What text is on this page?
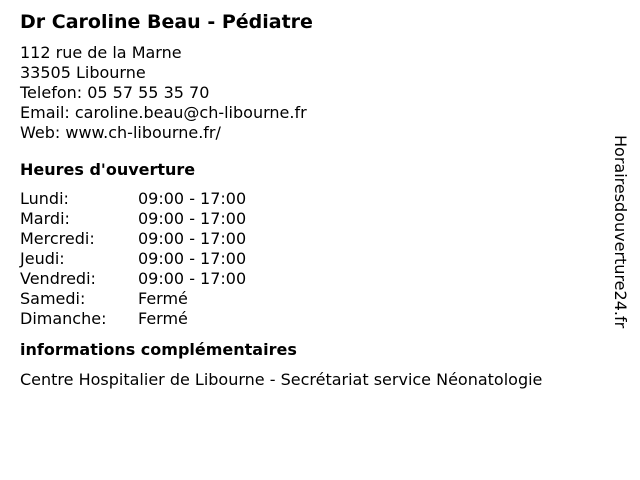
Dr Caroline Beau - Pédiatre
112 rue de la Marne
33505 Libourne
Telefon: 05 57 55 35 70
Email: caroline.beau@ch-libourne.fr
Web: www.ch-libourne.fr/
Heures d'ouverture
Lundi:	09:00 - 17:00
Mardi:	09:00 - 17:00
Mercredi:	09:00 - 17:00
Jeudi:	09:00 - 17:00
Vendredi:	09:00 - 17:00
Samedi:	Fermé
Dimanche: Fermé
informations complémentaires
Centre Hospitalier de Libourne - Secrétariat service Néonatologie
Horairesdouverture24.fr
